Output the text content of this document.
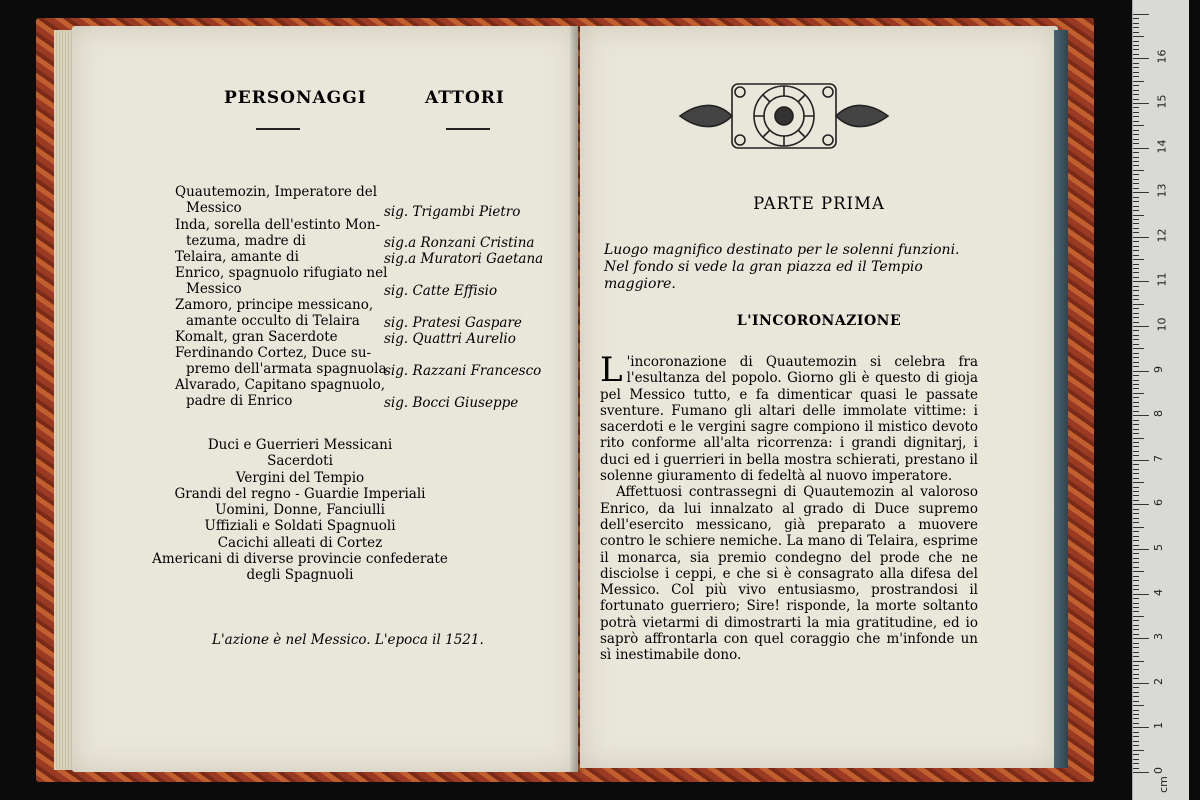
PERSONAGGI	ATTORI
Quautemozin, Imperatore del
Messico	sig. Trigambi Pietro
Inda, sorella dell'estinto Mon-
tezuma, madre di	sig.a Ronzani Cristina
Telaira, amante di	sig.a Muratori Gaetana
Enrico, spagnuolo rifugiato nel
Messico	sig. Catte Effisio
Zamoro, principe messicano,
amante occulto di Telaira sig. Pratesi Gaspare
Komalt, gran Sacerdote	sig. Quattri Aurelio
Ferdinando Cortez, Duce su-
premo dell'armata spagnuola
sig. Razzani Francesco
Alvarado, Capitano spagnuolo,
padre di Enrico	sig. Bocci Giuseppe
Duci e Guerrieri Messicani
Sacerdoti
Vergini del Tempio
Grandi del regno - Guardie Imperiali
Uomini, Donne, Fanciulli
Uffiziali e Soldati Spagnuoli
Cacichi alleati di Cortez
Americani di diverse provincie confederate
degli Spagnuoli
L'azione è nel Messico. L'epoca il 1521.
PARTE PRIMA
Luogo magnifico destinato per le solenni funzioni. Nel fondo si vede la gran piazza ed il Tempio maggiore.
L'INCORONAZIONE

L 'incoronazione di Quautemozin si celebra fra l'esultanza del popolo. Giorno gli è questo di gioja pel Messico tutto, e fa dimenticar quasi le passate sventure. Fumano gli altari delle immolate vittime: i sacerdoti e le vergini sagre compiono il mistico devoto rito conforme all'alta ricorrenza: i grandi dignitarj, i duci ed i guerrieri in bella mostra schierati, prestano il solenne giuramento di fedeltà al nuovo imperatore.

Affettuosi contrassegni di Quautemozin al valoroso Enrico, da lui innalzato al grado di Duce supremo dell'esercito messicano, già preparato a muovere contro le schiere nemiche. La mano di Telaira, esprime il monarca, sia premio condegno del prode che ne disciolse i ceppi, e che si è consagrato alla difesa del Messico. Col più vivo entusiasmo, prostrandosi il fortunato guerriero; Sire! risponde, la morte soltanto potrà vietarmi di dimostrarti la mia gratitudine, ed io saprò affrontarla con quel coraggio che m'infonde un sì inestimabile dono.

0
1
2
3
4
5
6
7
8
9
10
11
12
13
14
15
16
cm
